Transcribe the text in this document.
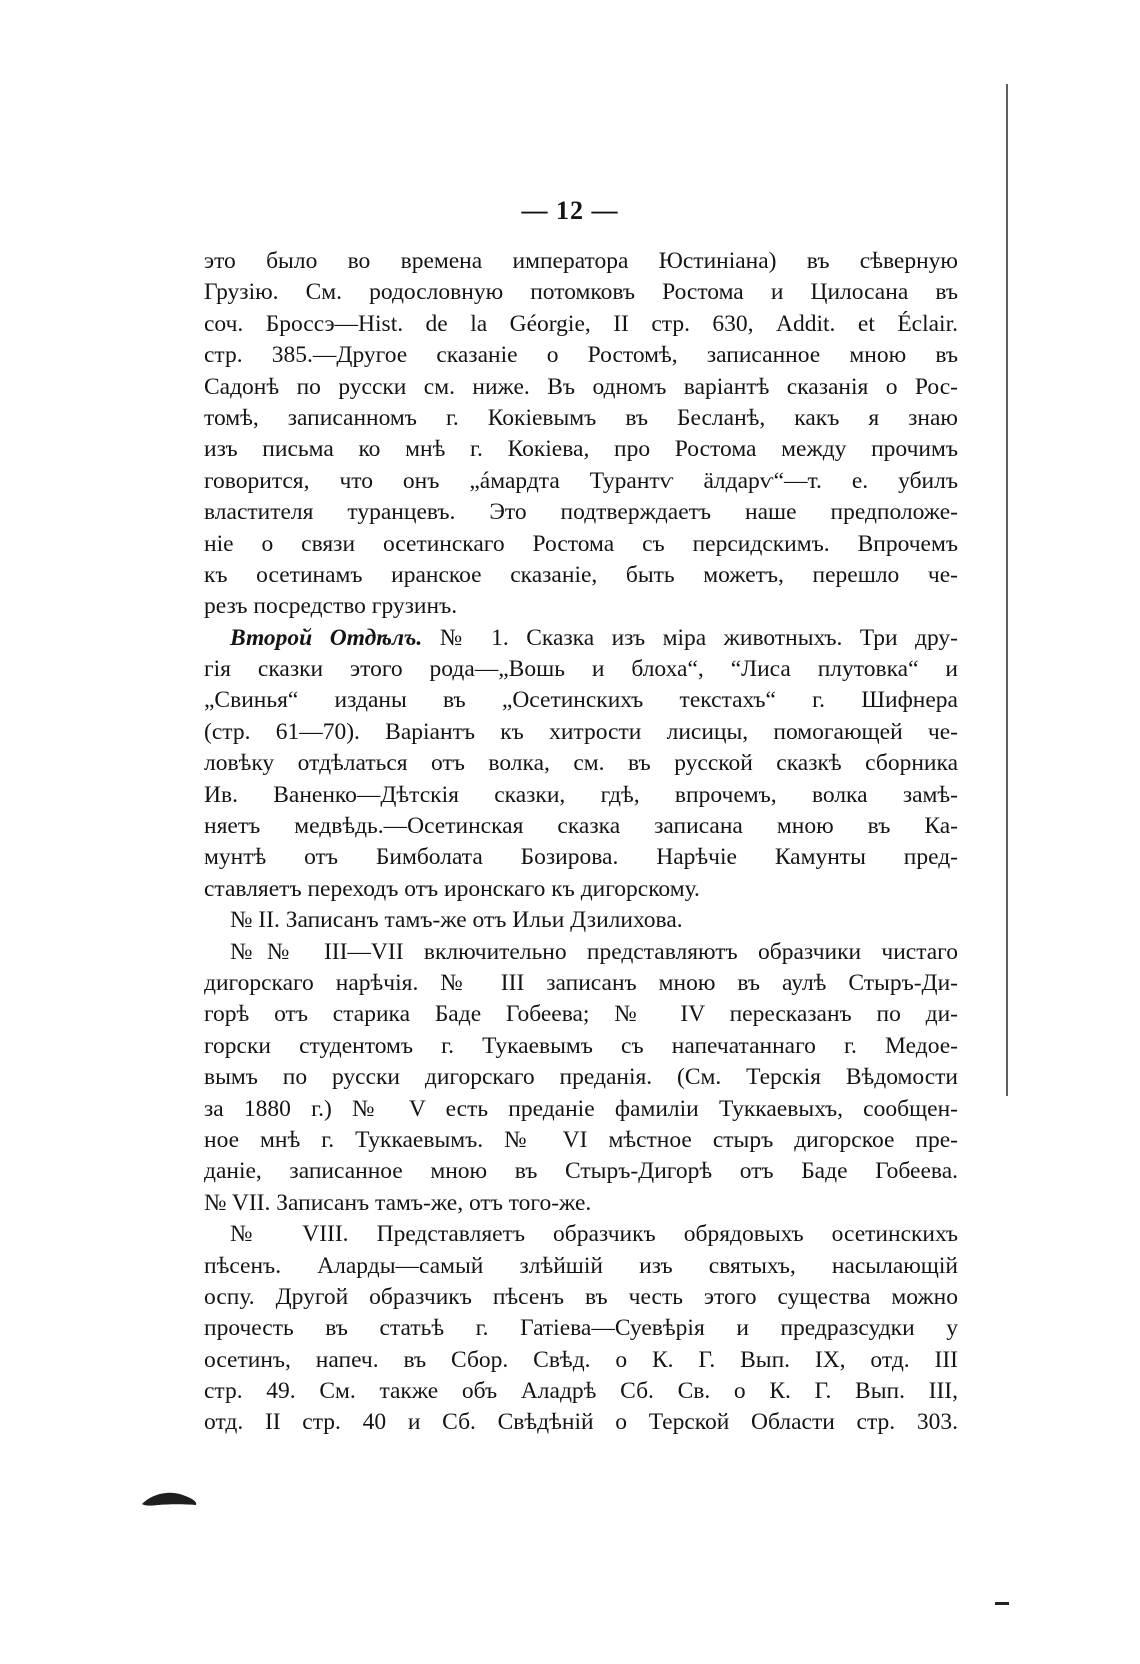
— 12 —
это было во времена императора Юстиніана) въ сѣверную
Грузію. См. родословную потомковъ Ростома и Цилосана въ
соч. Броссэ—Hist. de la Géorgie, II стр. 630, Addit. et Éclair.
стр. 385.—Другое сказаніе о Ростомѣ, записанное мною въ
Садонѣ по русски см. ниже. Въ одномъ варіантѣ сказанія о Рос-
томѣ, записанномъ г. Кокіевымъ въ Бесланѣ, какъ я знаю
изъ письма ко мнѣ г. Кокіева, про Ростома между прочимъ
говорится, что онъ „áмардта Турантѵ äлдарѵ“—т. е. убилъ
властителя туранцевъ. Это подтверждаетъ наше предположе-
ніе о связи осетинскаго Ростома съ персидскимъ. Впрочемъ
къ осетинамъ иранское сказаніе, быть можетъ, перешло че-
резъ посредство грузинъ.
Второй Отдѣлъ. № 1. Сказка изъ міра животныхъ. Три дру-
гія сказки этого рода—„Вошь и блоха“, “Лиса плутовка“ и
„Свинья“ изданы въ „Осетинскихъ текстахъ“ г. Шифнера
(стр. 61—70). Варіантъ къ хитрости лисицы, помогающей че-
ловѣку отдѣлаться отъ волка, см. въ русской сказкѣ сборника
Ив. Ваненко—Дѣтскія сказки, гдѣ, впрочемъ, волка замѣ-
няетъ медвѣдь.—Осетинская сказка записана мною въ Ка-
мунтѣ отъ Бимболата Бозирова. Нарѣчіе Камунты пред-
ставляетъ переходъ отъ иронскаго къ дигорскому.
№ II. Записанъ тамъ-же отъ Ильи Дзилихова.
№№ III—VII включительно представляютъ образчики чистаго
дигорскаго нарѣчія. № III записанъ мною въ аулѣ Стыръ-Ди-
горѣ отъ старика Баде Гобеева; № IV пересказанъ по ди-
горски студентомъ г. Тукаевымъ съ напечатаннаго г. Медое-
вымъ по русски дигорскаго преданія. (См. Терскія Вѣдомости
за 1880 г.) № V есть преданіе фамиліи Туккаевыхъ, сообщен-
ное мнѣ г. Туккаевымъ. № VI мѣстное стыръ дигорское пре-
даніе, записанное мною въ Стыръ-Дигорѣ отъ Баде Гобеева.
№ VII. Записанъ тамъ-же, отъ того-же.
№ VIII. Представляетъ образчикъ обрядовыхъ осетинскихъ
пѣсенъ. Аларды—самый злѣйшій изъ святыхъ, насылающій
оспу. Другой образчикъ пѣсенъ въ честь этого существа можно
прочесть въ статьѣ г. Гатіева—Суевѣрія и предразсудки у
осетинъ, напеч. въ Сбор. Свѣд. о К. Г. Вып. IX, отд. III
стр. 49. См. также объ Аладрѣ Сб. Св. о К. Г. Вып. III,
отд. II стр. 40 и Сб. Свѣдѣній о Терской Области стр. 303.
